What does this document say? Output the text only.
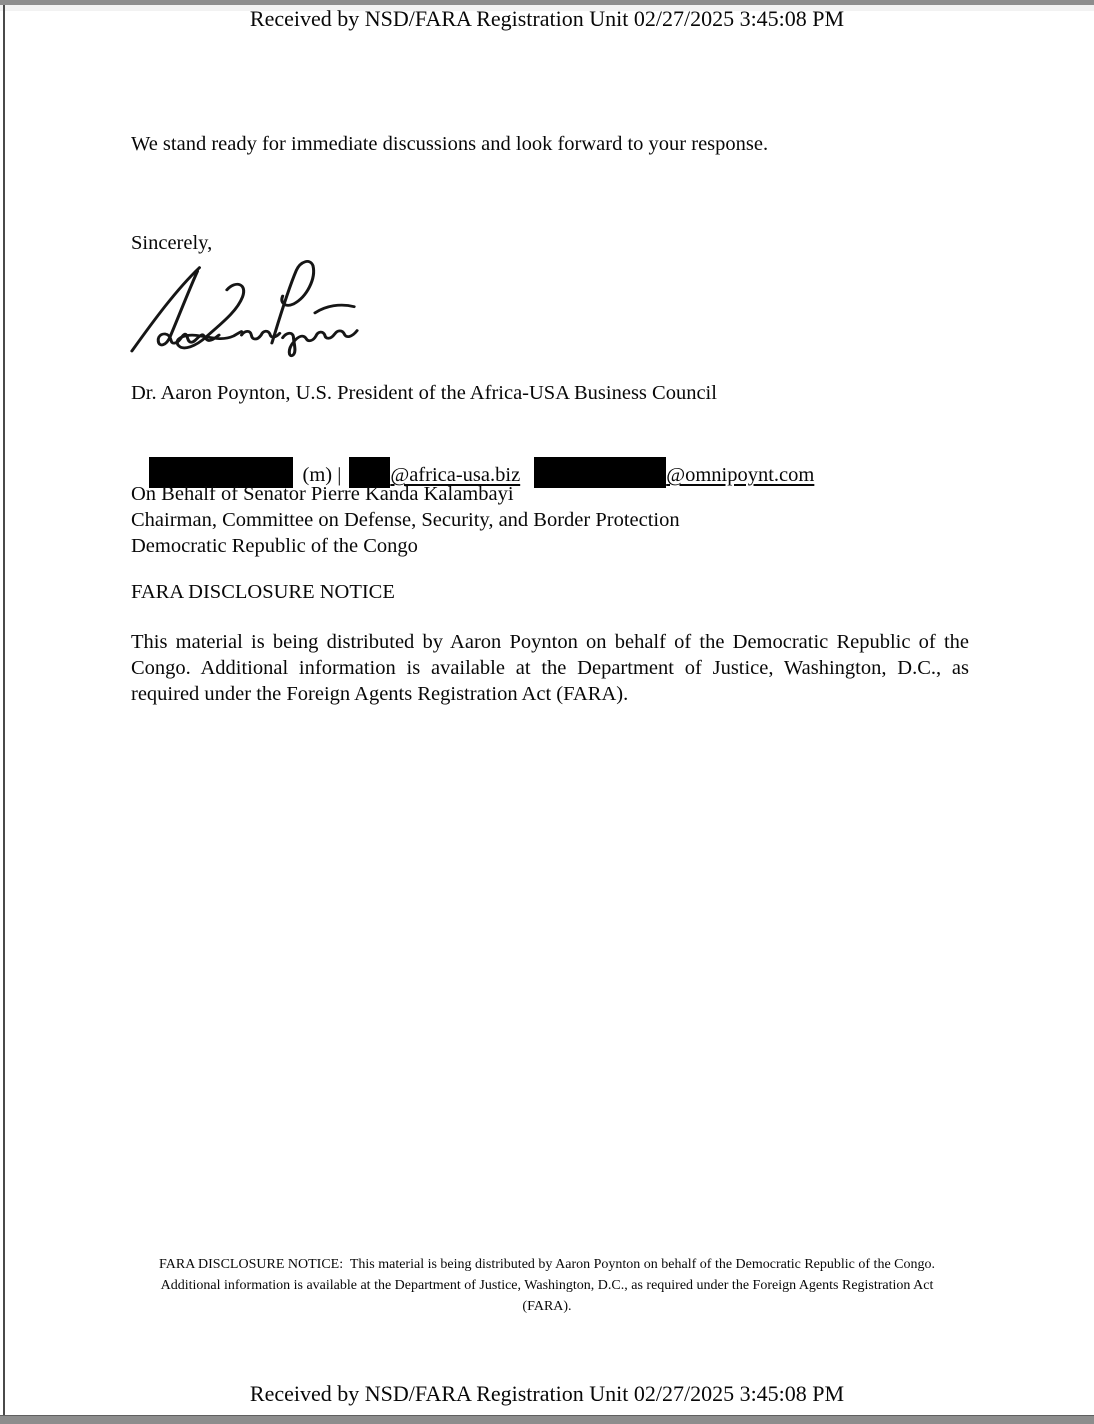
Received by NSD/FARA Registration Unit 02/27/2025 3:45:08 PM
We stand ready for immediate discussions and look forward to your response.
Sincerely,
Dr. Aaron Poynton, U.S. President of the Africa-USA Business Council

(m) | @africa-usa.biz	@omnipoynt.com

On Behalf of Senator Pierre Kanda Kalambayi
Chairman, Committee on Defense, Security, and Border Protection
Democratic Republic of the Congo
FARA DISCLOSURE NOTICE
This material is being distributed by Aaron Poynton on behalf of the Democratic Republic of the
Congo. Additional information is available at the Department of Justice, Washington, D.C., as
required under the Foreign Agents Registration Act (FARA).
FARA DISCLOSURE NOTICE:  This material is being distributed by Aaron Poynton on behalf of the Democratic Republic of the Congo.
Additional information is available at the Department of Justice, Washington, D.C., as required under the Foreign Agents Registration Act
(FARA).
Received by NSD/FARA Registration Unit 02/27/2025 3:45:08 PM
